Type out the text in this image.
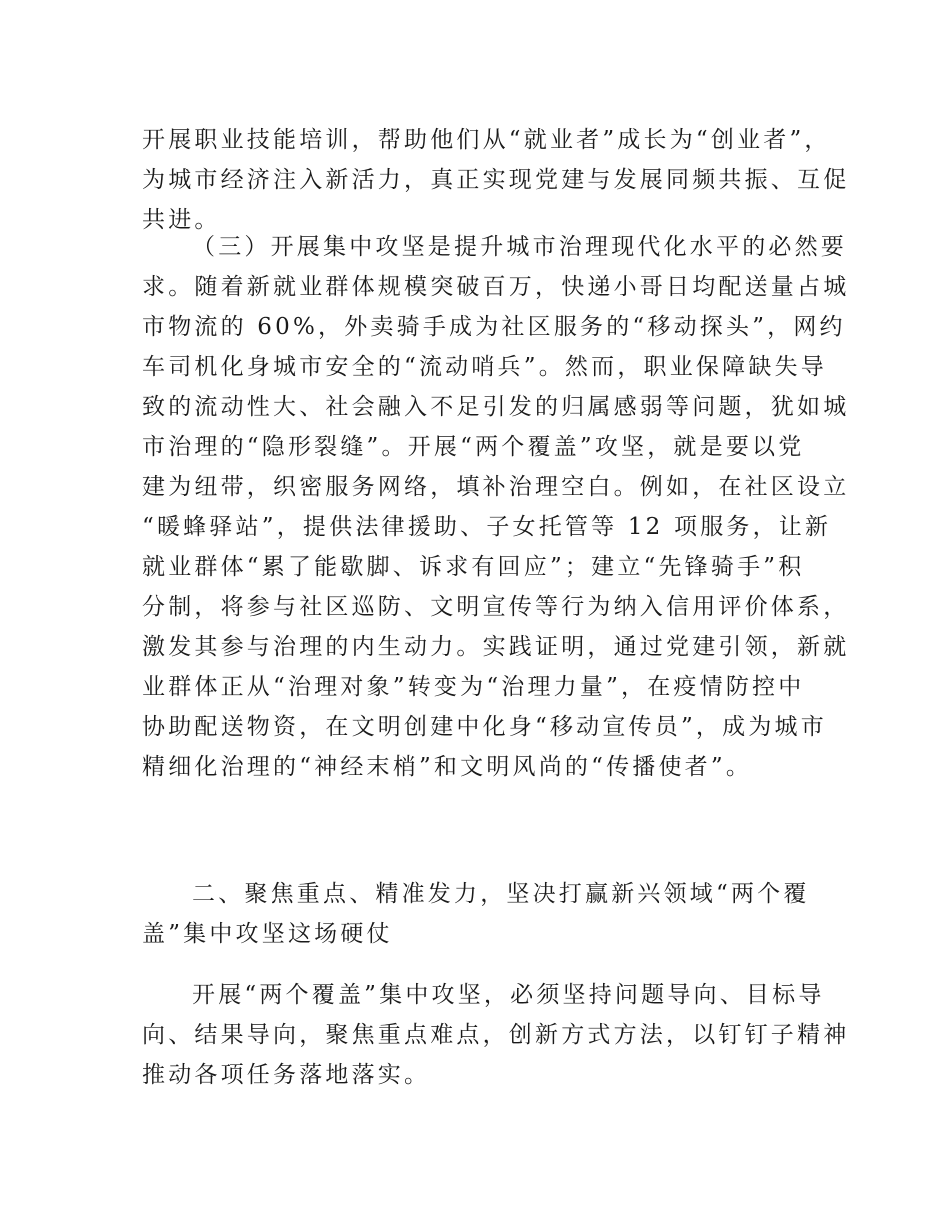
开展职业技能培训，帮助他们从“就业者”成长为“创业者”，
为城市经济注入新活力，真正实现党建与发展同频共振、互促
共进。
（三）开展集中攻坚是提升城市治理现代化水平的必然要
求。随着新就业群体规模突破百万，快递小哥日均配送量占城
市物流的 60%，外卖骑手成为社区服务的“移动探头”，网约
车司机化身城市安全的“流动哨兵”。然而，职业保障缺失导
致的流动性大、社会融入不足引发的归属感弱等问题，犹如城
市治理的“隐形裂缝”。开展“两个覆盖”攻坚，就是要以党
建为纽带，织密服务网络，填补治理空白。例如，在社区设立
“暖蜂驿站”，提供法律援助、子女托管等 12 项服务，让新
就业群体“累了能歇脚、诉求有回应”；建立“先锋骑手”积
分制，将参与社区巡防、文明宣传等行为纳入信用评价体系，
激发其参与治理的内生动力。实践证明，通过党建引领，新就
业群体正从“治理对象”转变为“治理力量”，在疫情防控中
协助配送物资，在文明创建中化身“移动宣传员”，成为城市
精细化治理的“神经末梢”和文明风尚的“传播使者”。
二、聚焦重点、精准发力，坚决打赢新兴领域“两个覆
盖”集中攻坚这场硬仗
开展“两个覆盖”集中攻坚，必须坚持问题导向、目标导
向、结果导向，聚焦重点难点，创新方式方法，以钉钉子精神
推动各项任务落地落实。
